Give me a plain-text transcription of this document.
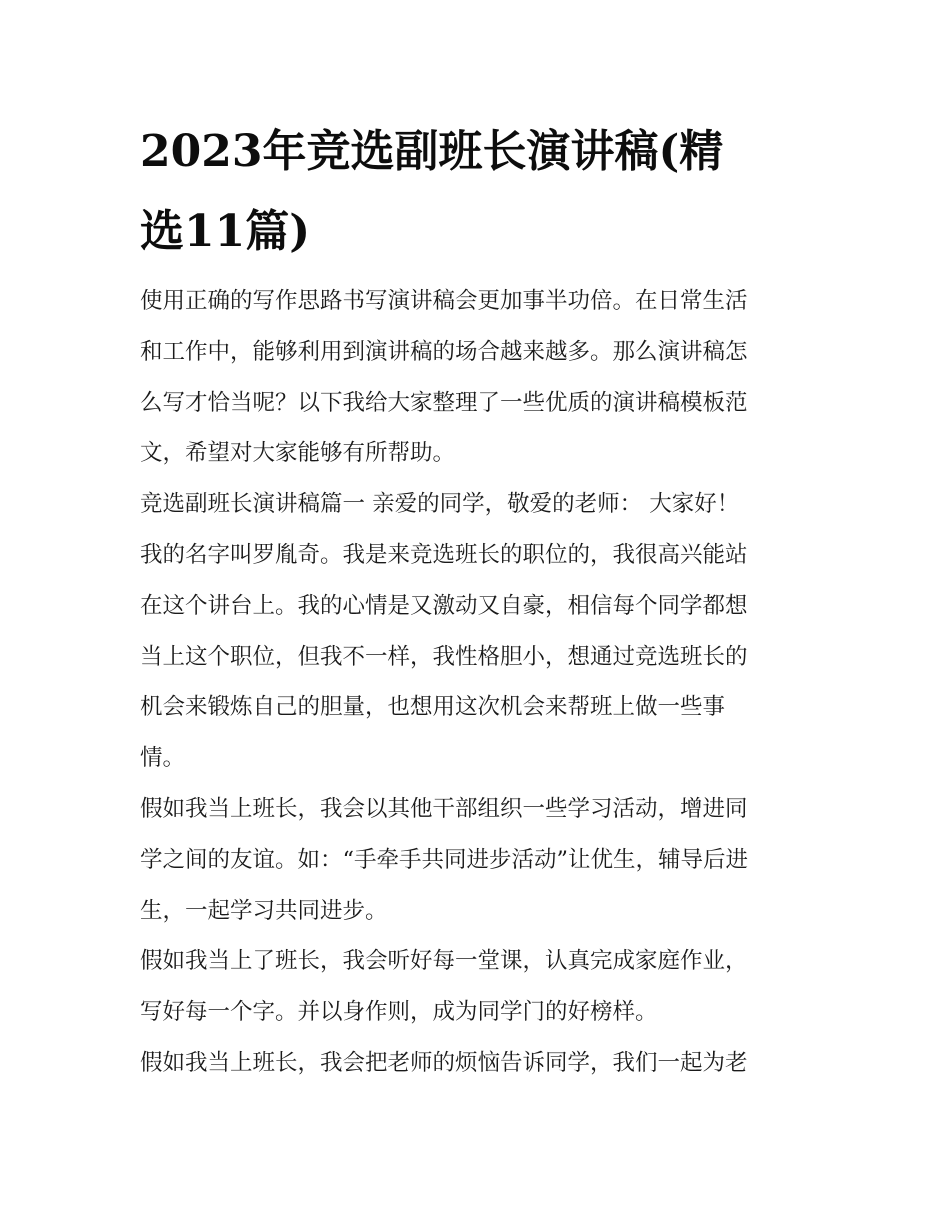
2023年竞选副班长演讲稿(精
选11篇)
使用正确的写作思路书写演讲稿会更加事半功倍。在日常生活
和工作中，能够利用到演讲稿的场合越来越多。那么演讲稿怎
么写才恰当呢？以下我给大家整理了一些优质的演讲稿模板范
文，希望对大家能够有所帮助。
竞选副班长演讲稿篇一 亲爱的同学，敬爱的老师： 大家好！
我的名字叫罗胤奇。我是来竞选班长的职位的，我很高兴能站
在这个讲台上。我的心情是又激动又自豪，相信每个同学都想
当上这个职位，但我不一样，我性格胆小，想通过竞选班长的
机会来锻炼自己的胆量，也想用这次机会来帮班上做一些事
情。
假如我当上班长，我会以其他干部组织一些学习活动，增进同
学之间的友谊。如：“手牵手共同进步活动”让优生，辅导后进
生，一起学习共同进步。
假如我当上了班长，我会听好每一堂课，认真完成家庭作业，
写好每一个字。并以身作则，成为同学门的好榜样。
假如我当上班长，我会把老师的烦恼告诉同学，我们一起为老
